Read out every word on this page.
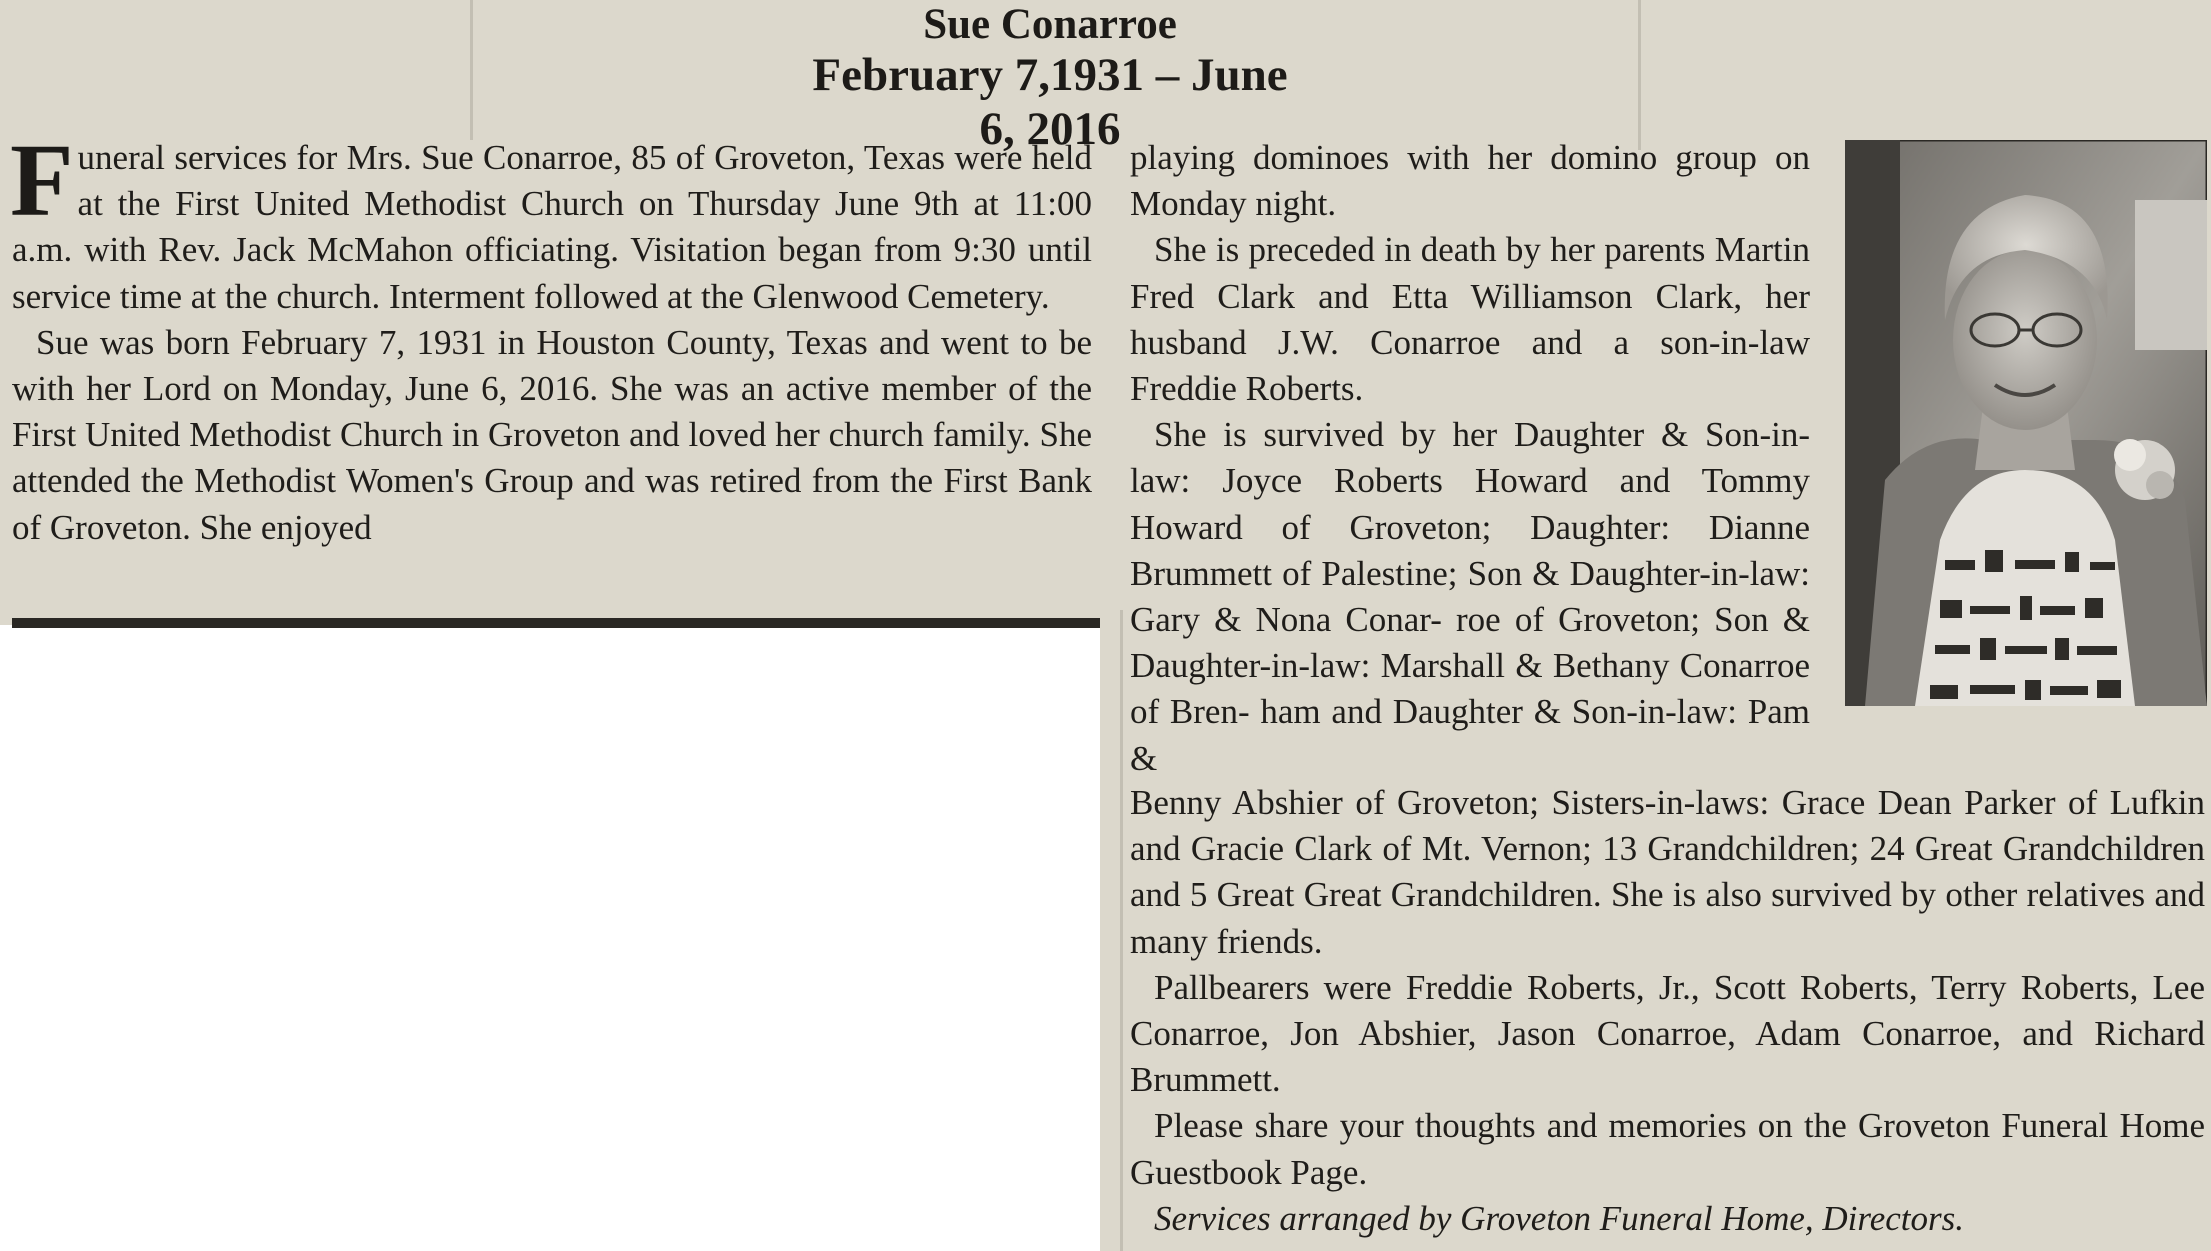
Sue Conarroe
February 7,1931 – June 6, 2016

Funeral services for Mrs. Sue Conarroe, 85 of Groveton, Texas were held at the First United Methodist Church on Thursday June 9th at 11:00 a.m. with Rev. Jack McMahon officiating. Visitation began from 9:30 until service time at the church. Interment followed at the Glenwood Cemetery.

Sue was born February 7, 1931 in Houston County, Texas and went to be with her Lord on Monday, June 6, 2016. She was an active member of the First United Methodist Church in Groveton and loved her church family. She attended the Methodist Women's Group and was retired from the First Bank of Groveton. She enjoyed

playing dominoes with her domino group on Monday night.

She is preceded in death by her parents Martin Fred Clark and Etta Williamson Clark, her husband J.W. Conarroe and a son-in-law Freddie Roberts.

She is survived by her Daughter & Son-in-law: Joyce Roberts Howard and Tommy Howard of Groveton; Daughter: Dianne Brummett of Palestine; Son & Daughter-in-law: Gary & Nona Conar- roe of Groveton; Son & Daughter-in-law: Marshall & Bethany Conarroe of Bren- ham and Daughter & Son-in-law: Pam &

Benny Abshier of Groveton; Sisters-in-laws: Grace Dean Parker of Lufkin and Gracie Clark of Mt. Vernon; 13 Grandchildren; 24 Great Grandchildren and 5 Great Great Grandchildren. She is also survived by other relatives and many friends.

Pallbearers were Freddie Roberts, Jr., Scott Roberts, Terry Roberts, Lee Conarroe, Jon Abshier, Jason Conarroe, Adam Conarroe, and Richard Brummett.

Please share your thoughts and memories on the Groveton Funeral Home Guestbook Page.

Services arranged by Groveton Funeral Home, Directors.
